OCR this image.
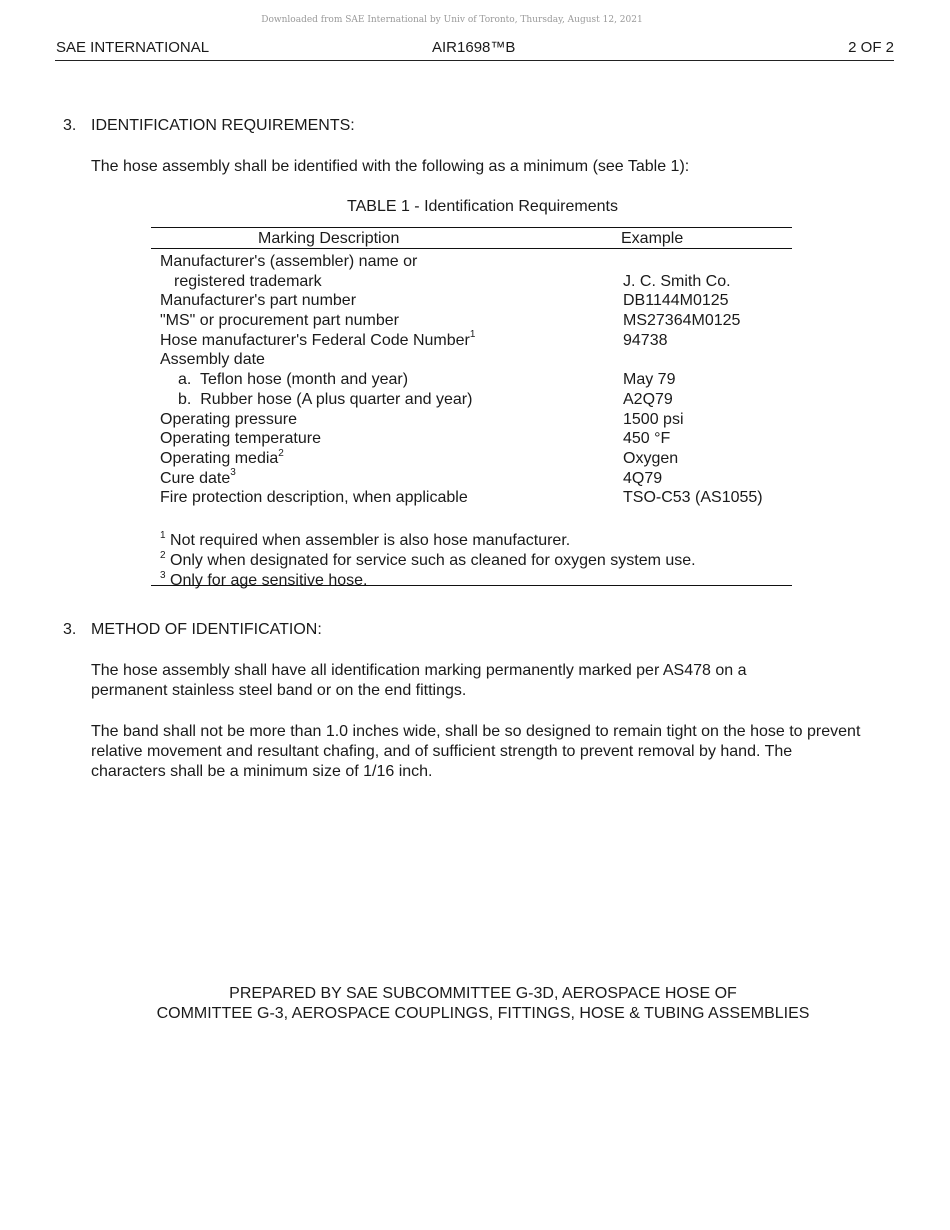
Downloaded from SAE International by Univ of Toronto, Thursday, August 12, 2021
SAE INTERNATIONAL	AIR1698™B	2 OF 2
3. IDENTIFICATION REQUIREMENTS:
The hose assembly shall be identified with the following as a minimum (see Table 1):
TABLE 1 - Identification Requirements
Marking Description	Example
Manufacturer's (assembler) name or
registered trademark	J. C. Smith Co.
Manufacturer's part number	DB1144M0125
"MS" or procurement part number	MS27364M0125
Hose manufacturer's Federal Code Number$^1$	94738
Assembly date
a.  Teflon hose (month and year)	May 79
b.  Rubber hose (A plus quarter and year)	A2Q79
Operating pressure	1500 psi
Operating temperature	450 °F
Operating media$^2$	Oxygen
Cure date$^3$	4Q79
Fire protection description, when applicable	TSO-C53 (AS1055)
$^1$ Not required when assembler is also hose manufacturer.
$^2$ Only when designated for service such as cleaned for oxygen system use.
$^3$ Only for age sensitive hose.
3. METHOD OF IDENTIFICATION:
The hose assembly shall have all identification marking permanently marked per AS478 on a permanent stainless steel band or on the end fittings.
The band shall not be more than 1.0 inches wide, shall be so designed to remain tight on the hose to prevent relative movement and resultant chafing, and of sufficient strength to prevent removal by hand. The characters shall be a minimum size of 1/16 inch.
PREPARED BY SAE SUBCOMMITTEE G-3D, AEROSPACE HOSE OF
COMMITTEE G-3, AEROSPACE COUPLINGS, FITTINGS, HOSE & TUBING ASSEMBLIES
